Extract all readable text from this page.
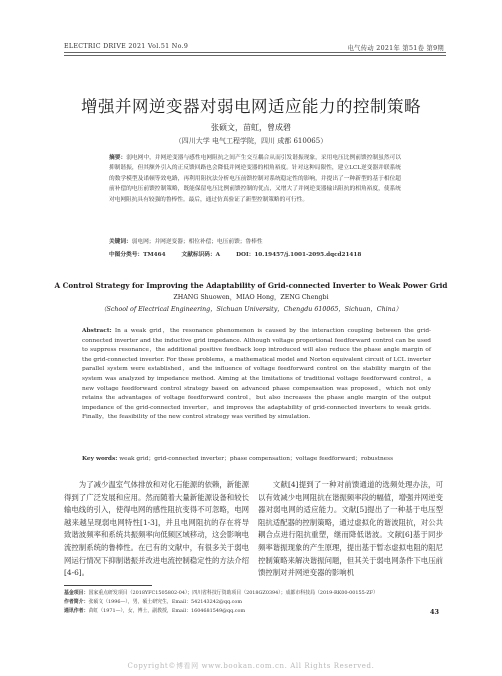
ELECTRIC DRIVE 2021 Vol.51 No.9	电气传动 2021年 第51卷 第9期
增强并网逆变器对弱电网适应能力的控制策略
张硕文，苗虹，曾成碧
（四川大学 电气工程学院，四川 成都 610065）
摘要：弱电网中，并网逆变器与感性电网阻抗之间产生交互耦合从而引发谐振现象，采用电压比例前馈控制虽然可以抑制谐振，但其额外引入的正反馈回路也会降低并网逆变器的相角裕度。针对这种局限性，建立LCL逆变器并联系统的数学模型及诺顿等效电路，再利用阻抗法分析电压前馈控制对系统稳定性的影响，并提出了一种新型的基于相位超前补偿的电压前馈控制策略，既能保留电压比例前馈控制的优点，又增大了并网逆变器输出阻抗的相角裕度，使系统对电网阻抗具有较强的鲁棒性。最后，通过仿真验证了新型控制策略的可行性。
关键词：弱电网；并网逆变器；相位补偿；电压前馈；鲁棒性
中图分类号：TM464	文献标识码：A	DOI：10.19457/j.1001-2095.dqcd21418
A Control Strategy for Improving the Adaptability of Grid-connected Inverter to Weak Power Grid
ZHANG Shuowen，MIAO Hong，ZENG Chengbi
（School of Electrical Engineering，Sichuan University，Chengdu 610065，Sichuan，China）
Abstract: In a weak grid，the resonance phenomenon is caused by the interaction coupling between the grid-connected inverter and the inductive grid impedance. Although voltage proportional feedforward control can be used to suppress resonance，the additional positive feedback loop introduced will also reduce the phase angle margin of the grid-connected inverter. For these problems，a mathematical model and Norton equivalent circuit of LCL inverter parallel system were established，and the influence of voltage feedforward control on the stability margin of the system was analyzed by impedance method. Aiming at the limitations of traditional voltage feedforward control，a new voltage feedforward control strategy based on advanced phase compensation was proposed，which not only retains the advantages of voltage feedforward control，but also increases the phase angle margin of the output impedance of the grid-connected inverter，and improves the adaptability of grid-connected inverters to weak grids. Finally，the feasibility of the new control strategy was verified by simulation.
Key words: weak grid；grid-connected inverter；phase compensation；voltage feedforward；robustness

为了减少温室气体排放和对化石能源的依赖，新能源得到了广泛发展和应用。然而随着大量新能源设备和较长输电线的引入，使得电网的感性阻抗变得不可忽略，电网越来越呈现弱电网特性[1-3]，并且电网阻抗的存在将导致谐波频率和系统共振频率向低频区域移动，这会影响电流控制系统的鲁棒性。在已有的文献中，有很多关于弱电网运行情况下抑制谐振并改进电流控制稳定性的方法介绍[4-6]。

文献[4]提到了一种对前馈通道的选频处理办法，可以有效减少电网阻抗在谐振频率段的幅值，增强并网逆变器对弱电网的适应能力。文献[5]提出了一种基于电压型阻抗适配器的控制策略，通过虚拟化的谐波阻抗，对公共耦合点进行阻抗重塑，继而降低谐波。文献[6]基于同步频率谐振现象的产生原理，提出基于暂态虚拟电阻的阻尼控制策略来解决谐振问题，但其关于弱电网条件下电压前馈控制对并网逆变器的影响机

基金项目：国家重点研发项目（2018YFC1505802-04）；四川省科技厅资助项目（2018GZ0394）；成都市科技局（2019-RK00-00155-ZF）
作者简介：张硕文（1996—），男，硕士研究生，Email：542143242@qq.com
通讯作者：苗虹（1971—），女，博士，副教授，Email：1604681549@qq.com	43
Copyright©博看网 www.bookan.com.cn. All Rights Reserved.
